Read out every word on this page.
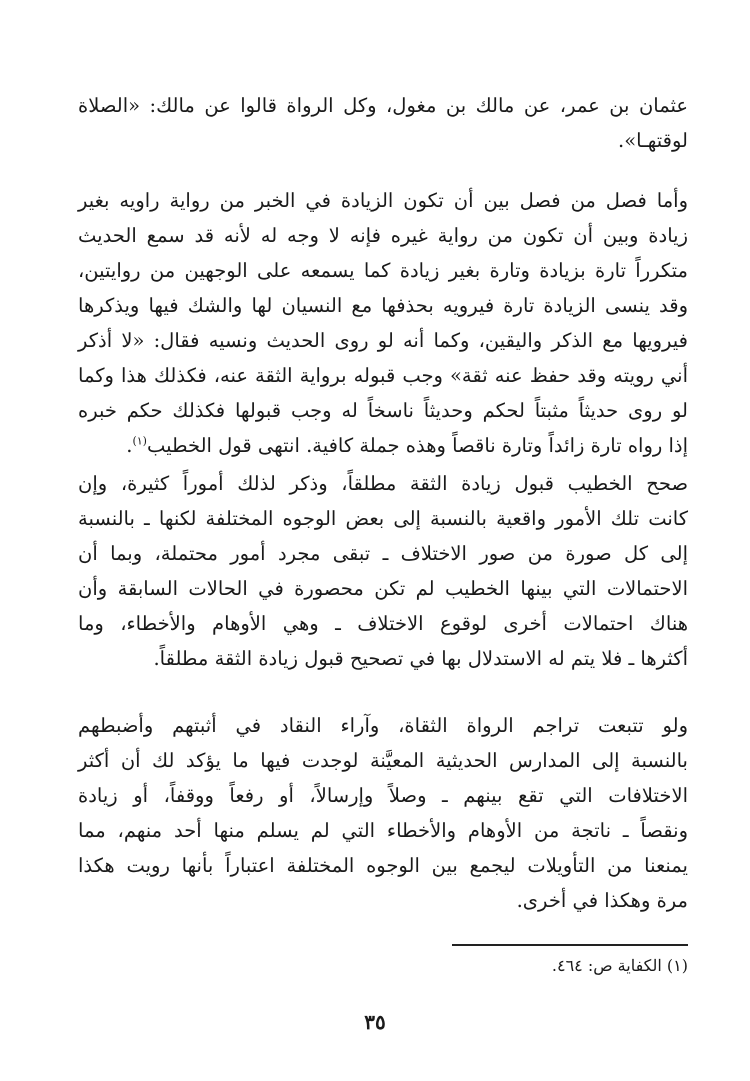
عثمان بن عمر، عن مالك بن مغول، وكل الرواة قالوا عن مالك: «الصلاة
لوقتهـا».
وأما فصل من فصل بين أن تكون الزيادة في الخبر من رواية راويه بغير
زيادة وبين أن تكون من رواية غيره فإنه لا وجه له لأنه قد سمع الحديث
متكرراً تارة بزيادة وتارة بغير زيادة كما يسمعه على الوجهين من روايتين،
وقد ينسى الزيادة تارة فيرويه بحذفها مع النسيان لها والشك فيها ويذكرها
فيرويها مع الذكر واليقين، وكما أنه لو روى الحديث ونسيه فقال: «لا أذكر
أني رويته وقد حفظ عنه ثقة» وجب قبوله برواية الثقة عنه، فكذلك هذا وكما
لو روى حديثاً مثبتاً لحكم وحديثاً ناسخاً له وجب قبولها فكذلك حكم خبره
إذا رواه تارة زائداً وتارة ناقصاً وهذه جملة كافية. انتهى قول الخطيب$^{(١)}$.
صحح الخطيب قبول زيادة الثقة مطلقاً، وذكر لذلك أموراً كثيرة، وإن
كانت تلك الأمور واقعية بالنسبة إلى بعض الوجوه المختلفة لكنها ـ بالنسبة
إلى كل صورة من صور الاختلاف ـ تبقى مجرد أمور محتملة، وبما أن
الاحتمالات التي بينها الخطيب لم تكن محصورة في الحالات السابقة وأن
هناك احتمالات أخرى لوقوع الاختلاف ـ وهي الأوهام والأخطاء، وما
أكثرها ـ فلا يتم له الاستدلال بها في تصحيح قبول زيادة الثقة مطلقاً.
ولو تتبعت تراجم الرواة الثقاة، وآراء النقاد في أثبتهم وأضبطهم
بالنسبة إلى المدارس الحديثية المعيَّنة لوجدت فيها ما يؤكد لك أن أكثر
الاختلافات التي تقع بينهم ـ وصلاً وإرسالاً، أو رفعاً ووقفاً، أو زيادة
ونقصاً ـ ناتجة من الأوهام والأخطاء التي لم يسلم منها أحد منهم، مما
يمنعنا من التأويلات ليجمع بين الوجوه المختلفة اعتباراً بأنها رويت هكذا
مرة وهكذا في أخرى.
(١) الكفاية ص: ٤٦٤.
٣٥
